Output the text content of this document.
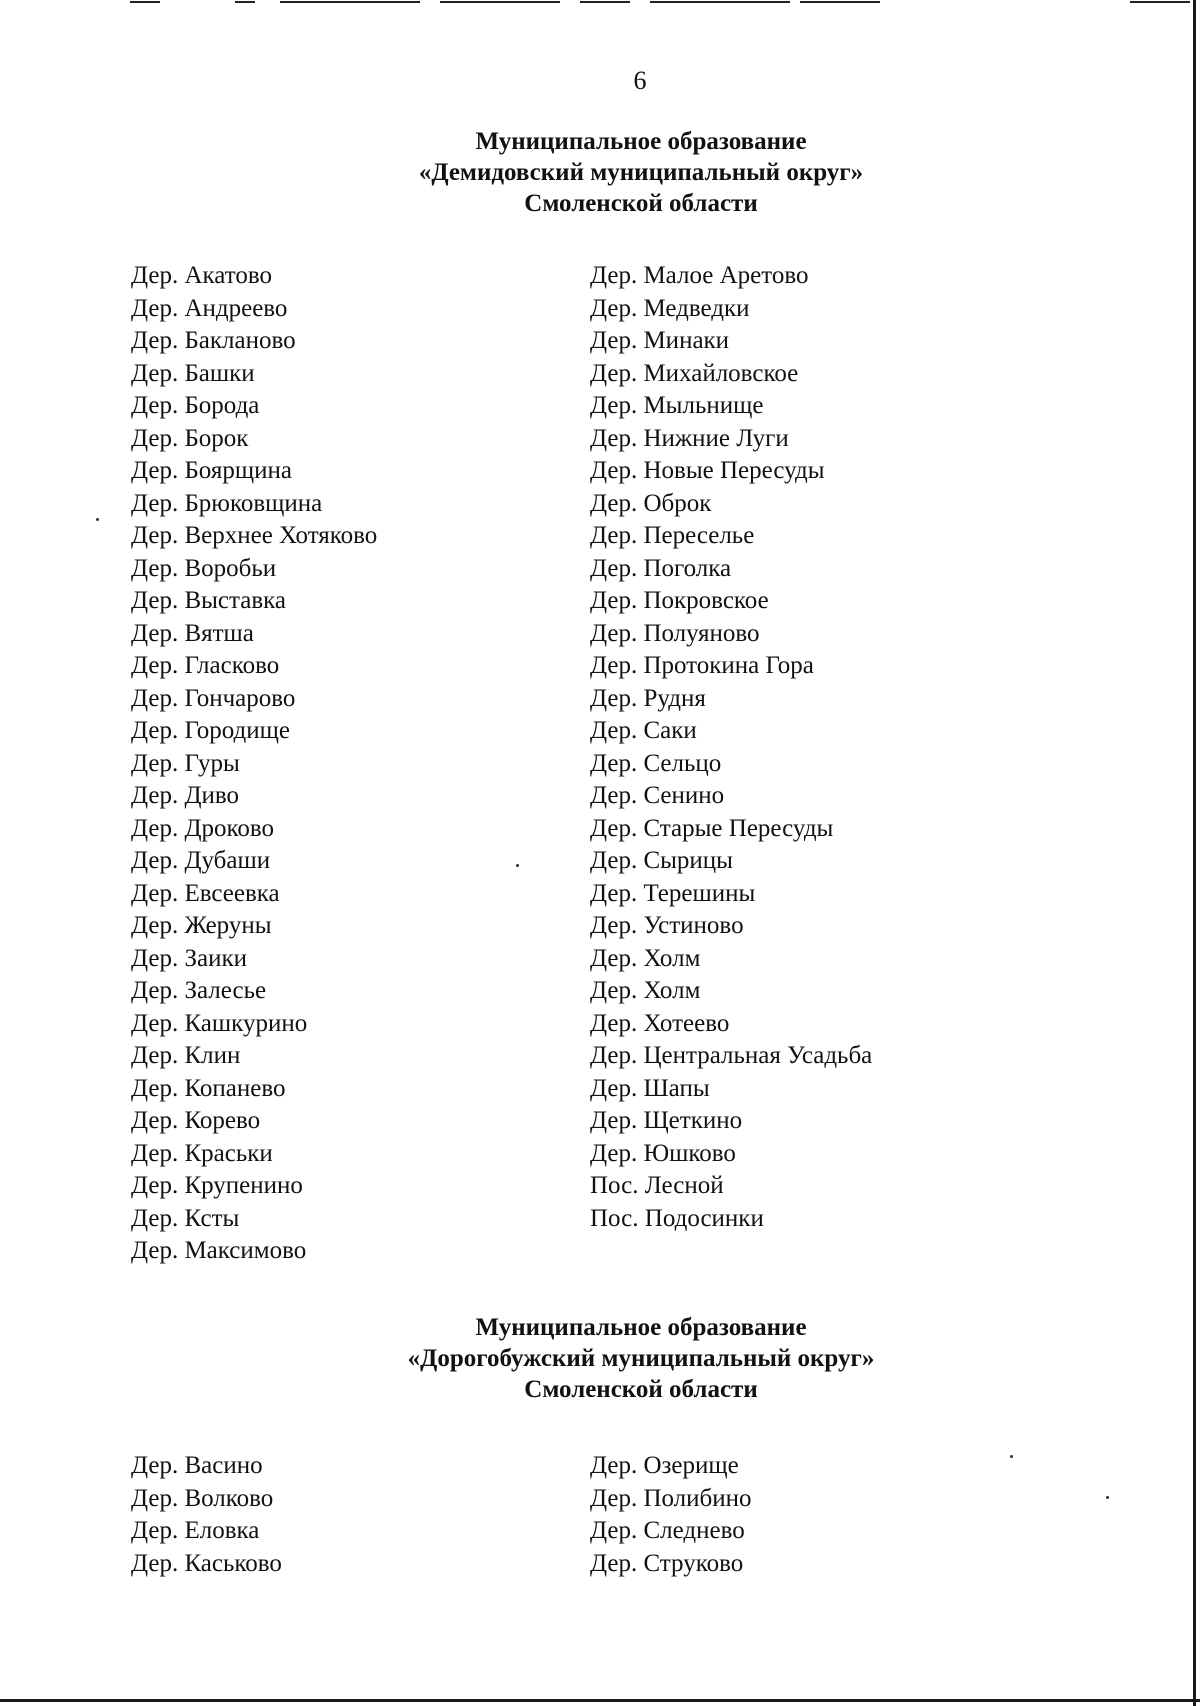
6
Муниципальное образование
«Демидовский муниципальный округ»
Смоленской области
Дер. Акатово
Дер. Андреево
Дер. Бакланово
Дер. Башки
Дер. Борода
Дер. Борок
Дер. Боярщина
Дер. Брюковщина
Дер. Верхнее Хотяково
Дер. Воробьи
Дер. Выставка
Дер. Вятша
Дер. Гласково
Дер. Гончарово
Дер. Городище
Дер. Гуры
Дер. Диво
Дер. Дроково
Дер. Дубаши
Дер. Евсеевка
Дер. Жеруны
Дер. Заики
Дер. Залесье
Дер. Кашкурино
Дер. Клин
Дер. Копанево
Дер. Корево
Дер. Краськи
Дер. Крупенино
Дер. Ксты
Дер. Максимово
Дер. Малое Аретово
Дер. Медведки
Дер. Минаки
Дер. Михайловское
Дер. Мыльнище
Дер. Нижние Луги
Дер. Новые Пересуды
Дер. Оброк
Дер. Переселье
Дер. Поголка
Дер. Покровское
Дер. Полуяново
Дер. Протокина Гора
Дер. Рудня
Дер. Саки
Дер. Сельцо
Дер. Сенино
Дер. Старые Пересуды
Дер. Сырицы
Дер. Терешины
Дер. Устиново
Дер. Холм
Дер. Холм
Дер. Хотеево
Дер. Центральная Усадьба
Дер. Шапы
Дер. Щеткино
Дер. Юшково
Пос. Лесной
Пос. Подосинки
Муниципальное образование
«Дорогобужский муниципальный округ»
Смоленской области
Дер. Васино
Дер. Волково
Дер. Еловка
Дер. Каськово
Дер. Озерище
Дер. Полибино
Дер. Следнево
Дер. Струково
